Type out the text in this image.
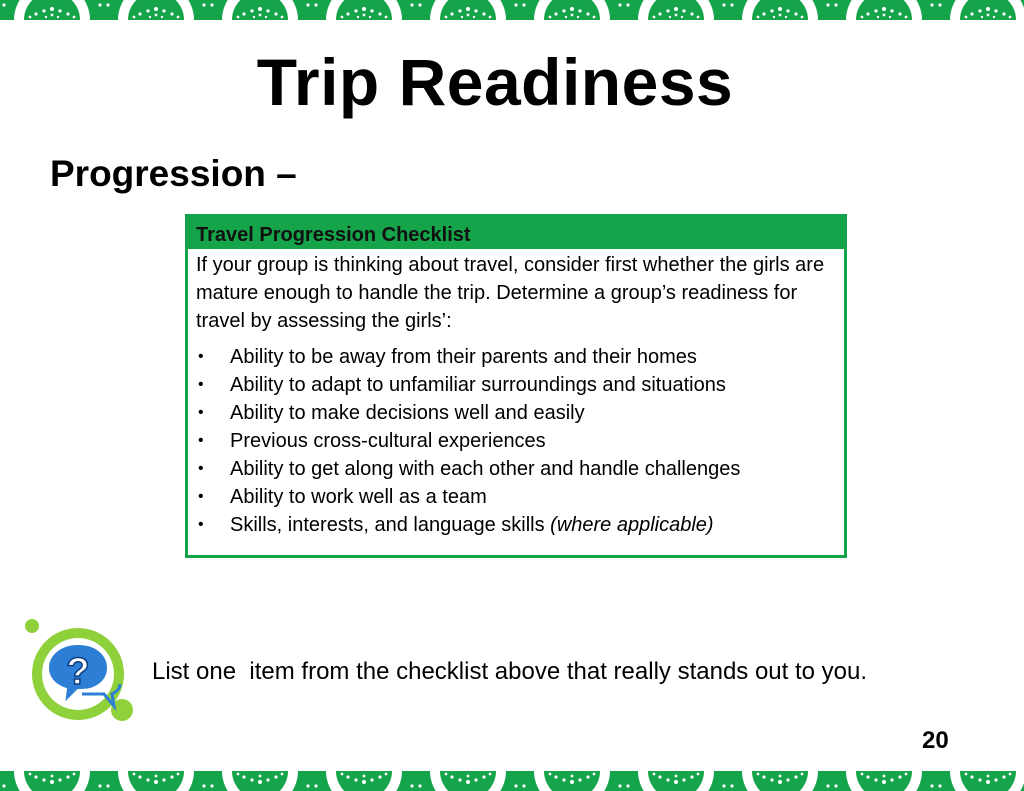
Trip Readiness
Progression –
Travel Progression Checklist
If your group is thinking about travel, consider first whether the girls are mature enough to handle the trip. Determine a group’s readiness for travel by assessing the girls’:
• Ability to be away from their parents and their homes
• Ability to adapt to unfamiliar surroundings and situations
• Ability to make decisions well and easily
• Previous cross-cultural experiences
• Ability to get along with each other and handle challenges
• Ability to work well as a team
• Skills, interests, and language skills (where applicable)
?	List one  item from the checklist above that really stands out to you.
20
